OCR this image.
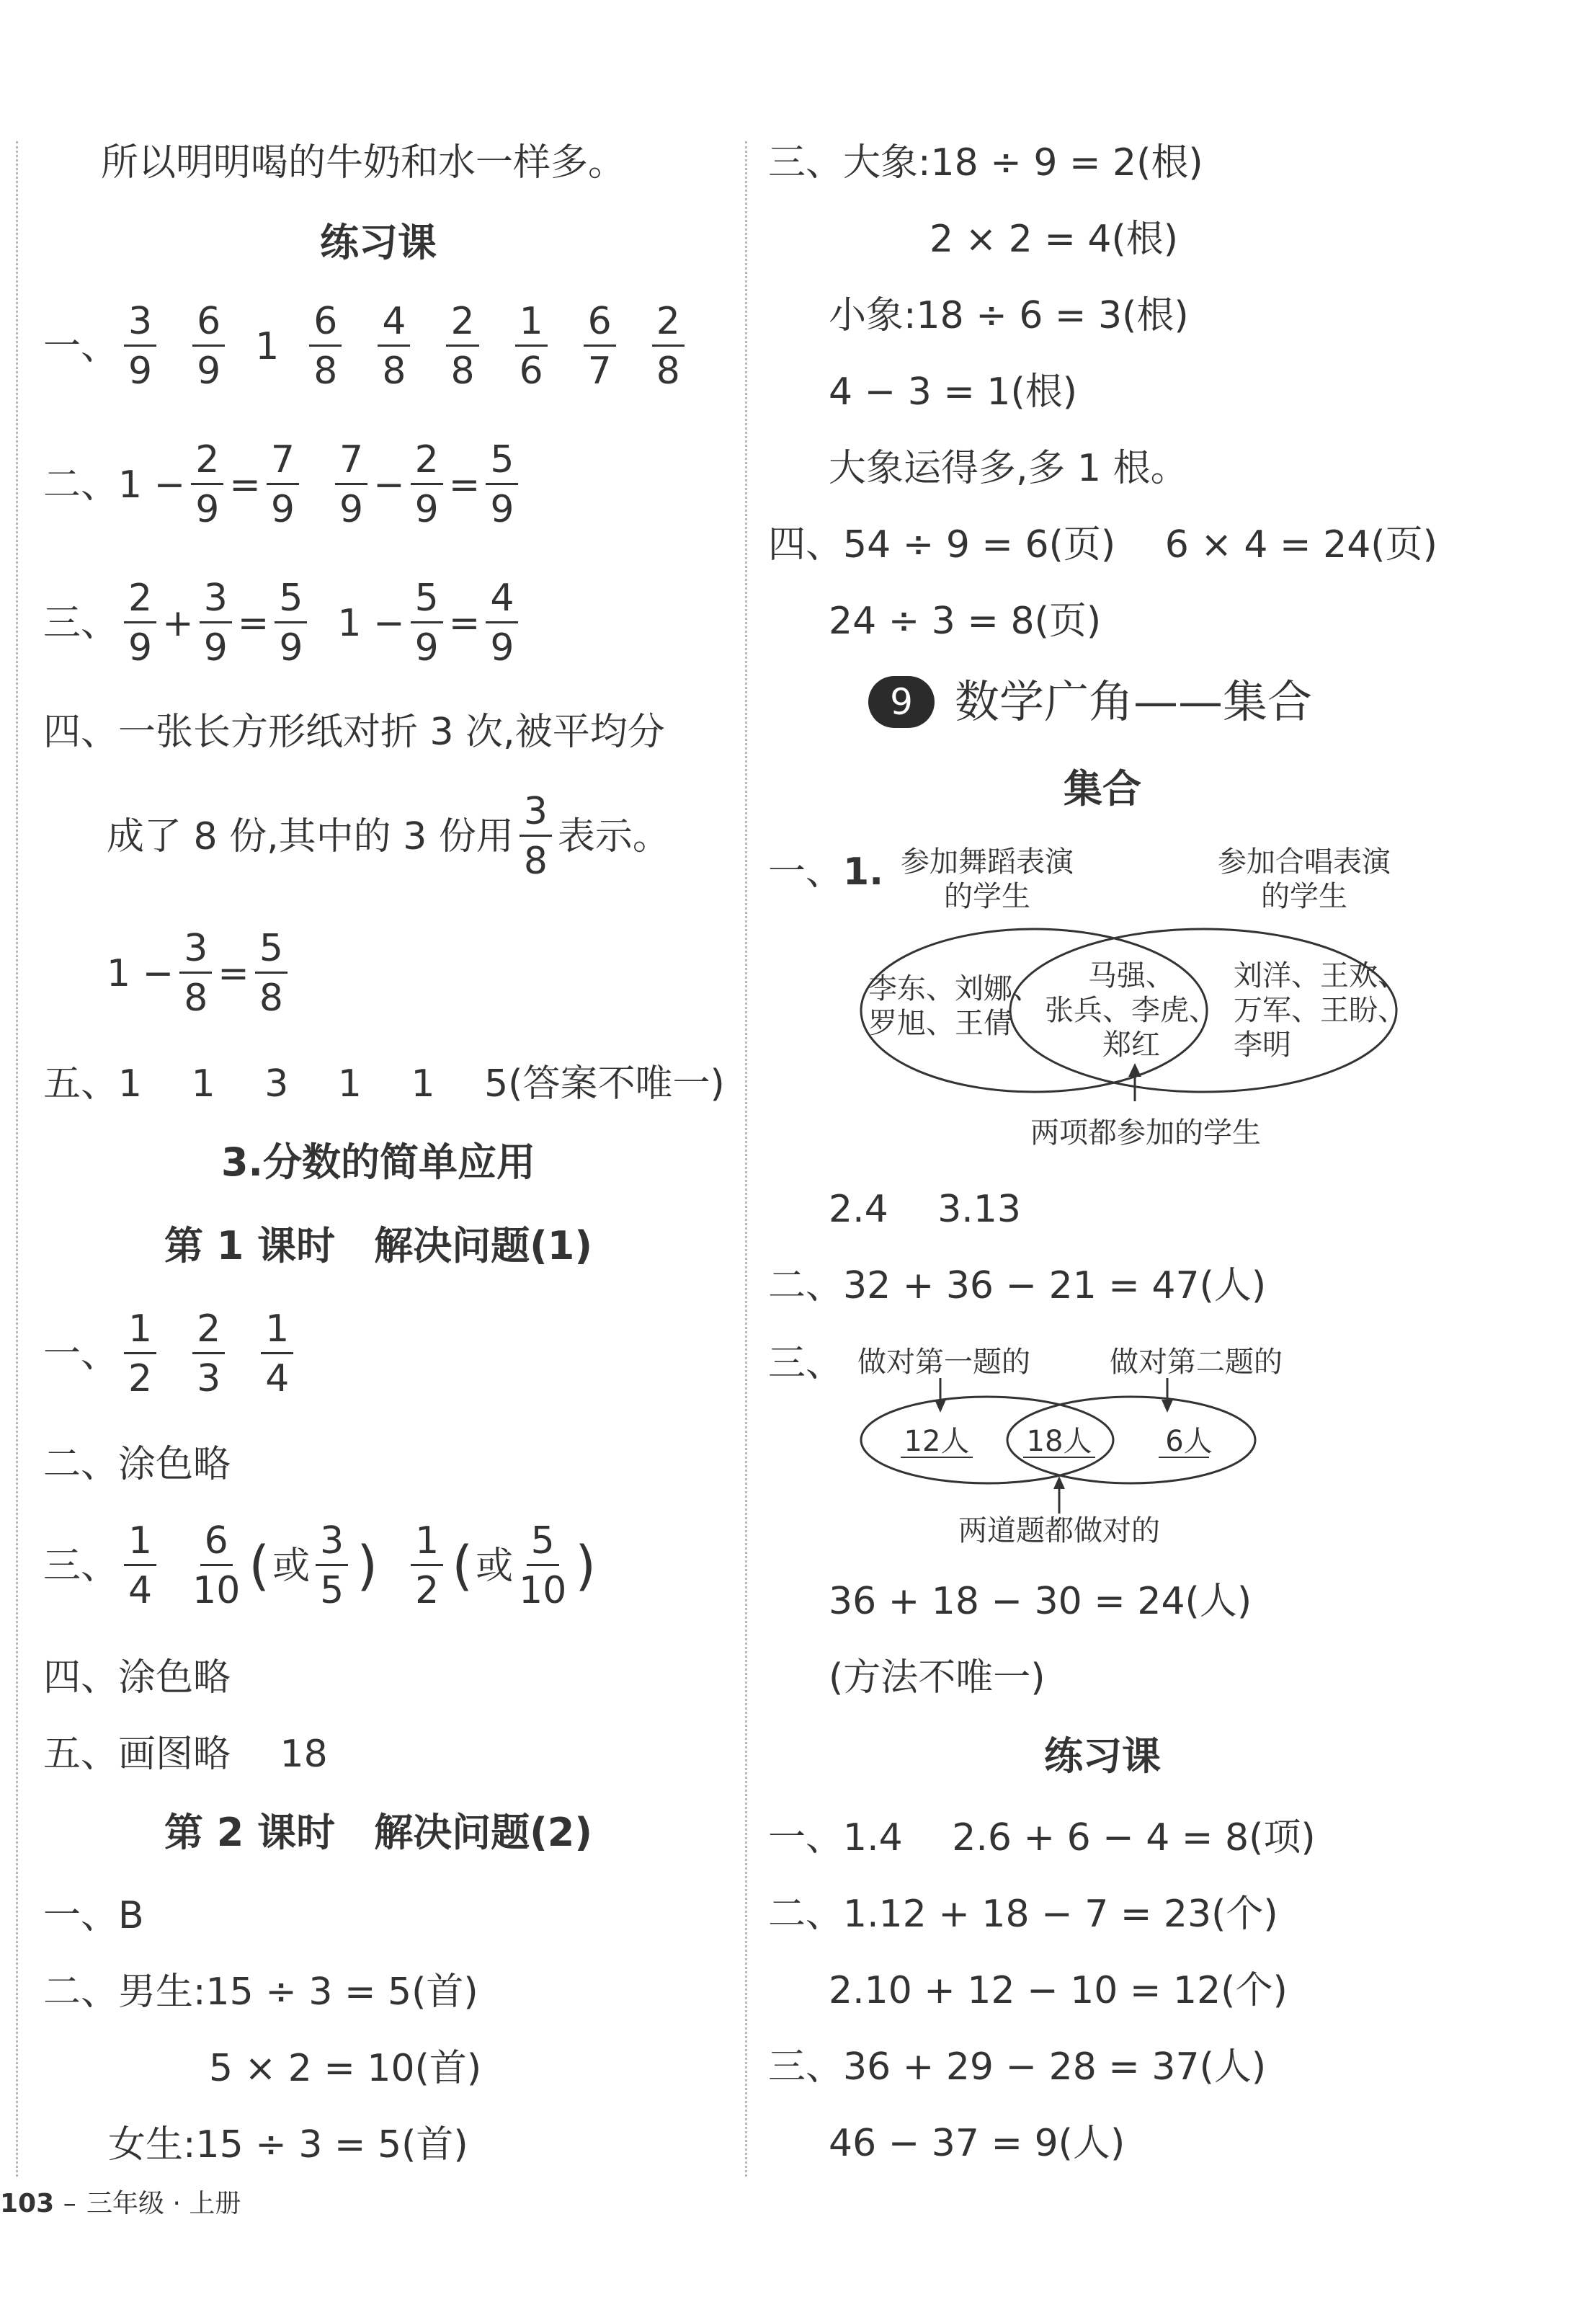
所以明明喝的牛奶和水一样多。
练习课
一、 $\frac{3}{9} \frac{6}{9} 1 \frac{6}{8} \frac{4}{8} \frac{2}{8} \frac{1}{6} \frac{6}{7} \frac{2}{8}$
二、 $1 - \frac{2}{9} = \frac{7}{9} \frac{7}{9} - \frac{2}{9} = \frac{5}{9}$
三、 $\frac{2}{9} + \frac{3}{9} = \frac{5}{9} 1 - \frac{5}{9} = \frac{4}{9}$
四、 一张长方形纸对折 3 次,被平均分
成了 8 份,其中的 3 份用 $\frac{3}{8}$ 表示。
$1 - \frac{3}{8} = \frac{5}{8}$
五、 1　 1　 3　 1　 1　 5(答案不唯一)
3.分数的简单应用
第 1 课时　解决问题(1)
一、 $\frac{1}{2} \frac{2}{3} \frac{1}{4}$
二、 涂色略
三、 $\frac{1}{4} \frac{6}{10}$ ( 或 $\frac{3}{5}$ ) $\frac{1}{2}$ ( 或 $\frac{5}{10}$ )
四、 涂色略
五、 画图略　 18
第 2 课时　解决问题(2)
一、 B
二、 男生:15 ÷ 3 = 5(首)
5 × 2 = 10(首)
女生:15 ÷ 3 = 5(首)
103 – 三年级 · 上册
三、 大象:18 ÷ 9 = 2(根)
2 × 2 = 4(根)
小象:18 ÷ 6 = 3(根)
4 − 3 = 1(根)
大象运得多,多 1 根。
四、 54 ÷ 9 = 6(页)　 6 × 4 = 24(页)
24 ÷ 3 = 8(页)
9 数学广角——集合
集合
一、 1. 参加舞蹈表演
的学生
参加合唱表演
的学生
李东、刘娜、
罗旭、王倩
马强、
张兵、李虎、
郑红
刘洋、王欢、
万军、王盼、
李明
两项都参加的学生
2.4　 3.13
二、 32 + 36 − 21 = 47(人)
三、 做对第一题的	做对第二题的
12人 18人	6人
两道题都做对的
36 + 18 − 30 = 24(人)
(方法不唯一)
练习课
一、 1.4　 2.6 + 6 − 4 = 8(项)
二、 1.12 + 18 − 7 = 23(个)
2.10 + 12 − 10 = 12(个)
三、 36 + 29 − 28 = 37(人)
46 − 37 = 9(人)
